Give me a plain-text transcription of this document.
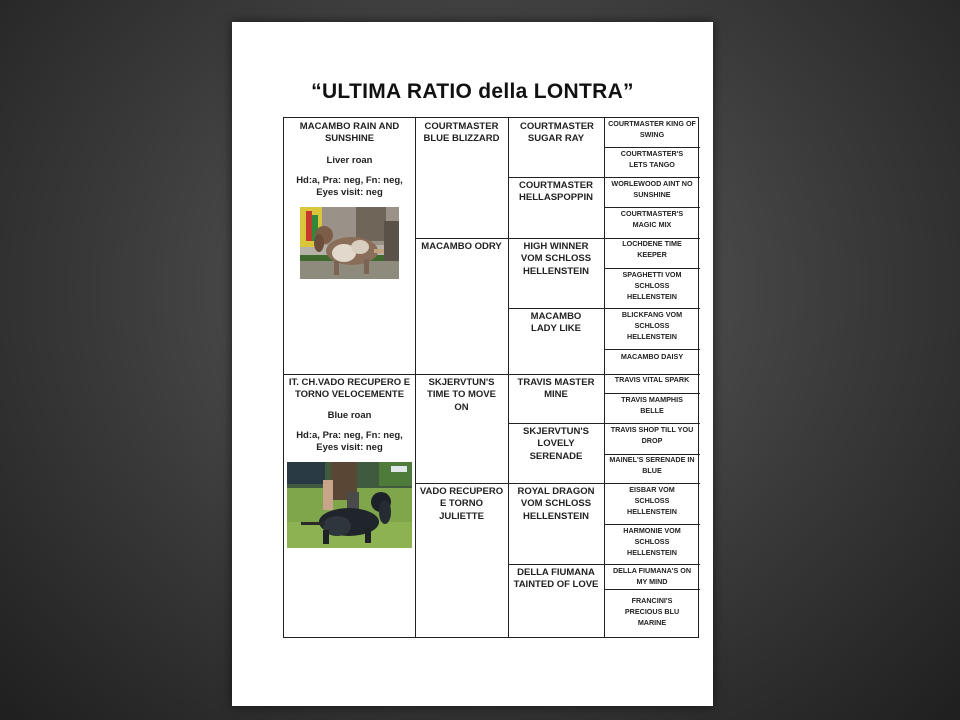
“ULTIMA RATIO della LONTRA”
MACAMBO RAIN AND SUNSHINE
Liver roan
Hd:a, Pra: neg, Fn: neg, Eyes visit: neg
IT. CH.VADO RECUPERO E TORNO VELOCEMENTE
Blue roan
Hd:a, Pra: neg, Fn: neg, Eyes visit: neg
COURTMASTER BLUE BLIZZARD
MACAMBO ODRY
SKJERVTUN'S TIME TO MOVE ON
VADO RECUPERO E TORNO JULIETTE
COURTMASTER SUGAR RAY
COURTMASTER HELLASPOPPIN
HIGH WINNER VOM SCHLOSS HELLENSTEIN
MACAMBO LADY LIKE
TRAVIS MASTER MINE
SKJERVTUN'S LOVELY SERENADE
ROYAL DRAGON VOM SCHLOSS HELLENSTEIN
DELLA FIUMANA TAINTED OF LOVE
COURTMASTER KING OF SWING
COURTMASTER'S LETS TANGO
WORLEWOOD AINT NO SUNSHINE
COURTMASTER'S MAGIC MIX
LOCHDENE TIME KEEPER
SPAGHETTI VOM SCHLOSS HELLENSTEIN
BLICKFANG VOM SCHLOSS HELLENSTEIN
MACAMBO DAISY
TRAVIS VITAL SPARK
TRAVIS MAMPHIS BELLE
TRAVIS SHOP TILL YOU DROP
MAINEL'S SERENADE IN BLUE
EISBAR VOM SCHLOSS HELLENSTEIN
HARMONIE VOM SCHLOSS HELLENSTEIN
DELLA FIUMANA'S ON MY MIND
FRANCINI'S PRECIOUS BLU MARINE
